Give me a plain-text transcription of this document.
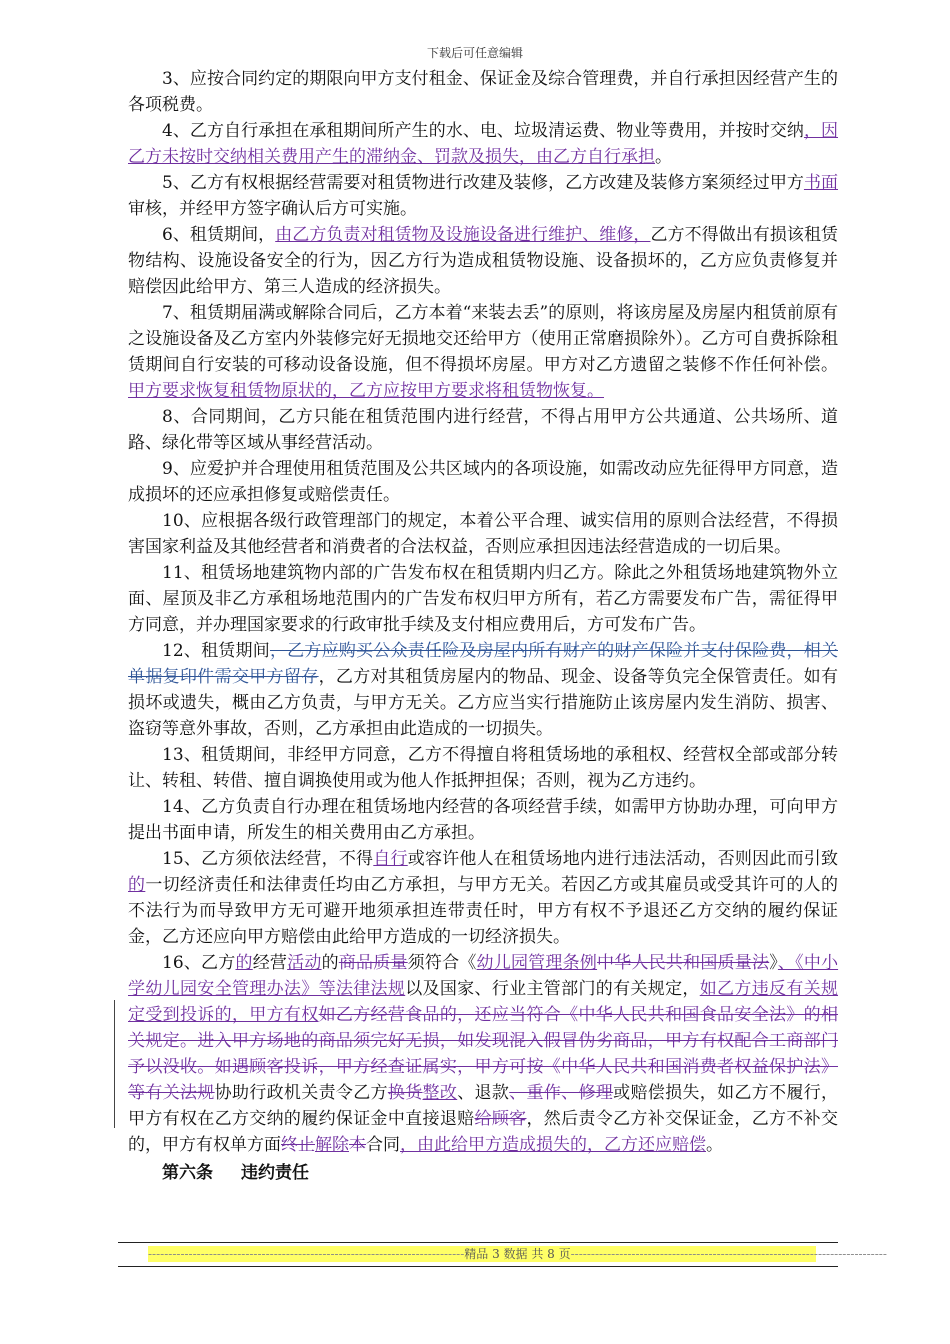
下载后可任意编辑

3、应按合同约定的期限向甲方支付租金、保证金及综合管理费，并自行承担因经营产生的各项税费。

4、乙方自行承担在承租期间所产生的水、电、垃圾清运费、物业等费用，并按时交纳，因乙方未按时交纳相关费用产生的滞纳金、罚款及损失，由乙方自行承担。

5、乙方有权根据经营需要对租赁物进行改建及装修，乙方改建及装修方案须经过甲方书面审核，并经甲方签字确认后方可实施。

6、租赁期间，由乙方负责对租赁物及设施设备进行维护、维修，乙方不得做出有损该租赁物结构、设施设备安全的行为，因乙方行为造成租赁物设施、设备损坏的，乙方应负责修复并赔偿因此给甲方、第三人造成的经济损失。

7、租赁期届满或解除合同后，乙方本着“来装去丢”的原则，将该房屋及房屋内租赁前原有之设施设备及乙方室内外装修完好无损地交还给甲方（使用正常磨损除外）。乙方可自费拆除租赁期间自行安装的可移动设备设施，但不得损坏房屋。甲方对乙方遗留之装修不作任何补偿。甲方要求恢复租赁物原状的，乙方应按甲方要求将租赁物恢复。

8、合同期间，乙方只能在租赁范围内进行经营，不得占用甲方公共通道、公共场所、道路、绿化带等区域从事经营活动。

9、应爱护并合理使用租赁范围及公共区域内的各项设施，如需改动应先征得甲方同意，造成损坏的还应承担修复或赔偿责任。

10、应根据各级行政管理部门的规定，本着公平合理、诚实信用的原则合法经营，不得损害国家利益及其他经营者和消费者的合法权益，否则应承担因违法经营造成的一切后果。

11、租赁场地建筑物内部的广告发布权在租赁期内归乙方。除此之外租赁场地建筑物外立面、屋顶及非乙方承租场地范围内的广告发布权归甲方所有，若乙方需要发布广告，需征得甲方同意，并办理国家要求的行政审批手续及支付相应费用后，方可发布广告。

12、租赁期间，乙方应购买公众责任险及房屋内所有财产的财产保险并支付保险费，相关单据复印件需交甲方留存，乙方对其租赁房屋内的物品、现金、设备等负完全保管责任。如有损坏或遗失，概由乙方负责，与甲方无关。乙方应当实行措施防止该房屋内发生消防、损害、盗窃等意外事故，否则，乙方承担由此造成的一切损失。

13、租赁期间，非经甲方同意，乙方不得擅自将租赁场地的承租权、经营权全部或部分转让、转租、转借、擅自调换使用或为他人作抵押担保；否则，视为乙方违约。

14、乙方负责自行办理在租赁场地内经营的各项经营手续，如需甲方协助办理，可向甲方提出书面申请，所发生的相关费用由乙方承担。

15、乙方须依法经营，不得自行或容许他人在租赁场地内进行违法活动，否则因此而引致的一切经济责任和法律责任均由乙方承担，与甲方无关。若因乙方或其雇员或受其许可的人的不法行为而导致甲方无可避开地须承担连带责任时，甲方有权不予退还乙方交纳的履约保证金，乙方还应向甲方赔偿由此给甲方造成的一切经济损失。

16、乙方的经营活动的商品质量须符合《幼儿园管理条例中华人民共和国质量法》、《中小学幼儿园安全管理办法》等法律法规以及国家、行业主管部门的有关规定，如乙方违反有关规定受到投诉的，甲方有权如乙方经营食品的，还应当符合《中华人民共和国食品安全法》的相关规定。进入甲方场地的商品须完好无损，如发现混入假冒伪劣商品，甲方有权配合工商部门予以没收。如遇顾客投诉，甲方经查证属实，甲方可按《中华人民共和国消费者权益保护法》等有关法规协助行政机关责令乙方换货整改、退款、重作、修理或赔偿损失，如乙方不履行，甲方有权在乙方交纳的履约保证金中直接退赔给顾客，然后责令乙方补交保证金，乙方不补交的，甲方有权单方面终止解除本合同，由此给甲方造成损失的，乙方还应赔偿。

第六条 违约责任

------------------------------------------------------------------------------精品 3 数据 共 8 页------------------------------------------------------------------------------
